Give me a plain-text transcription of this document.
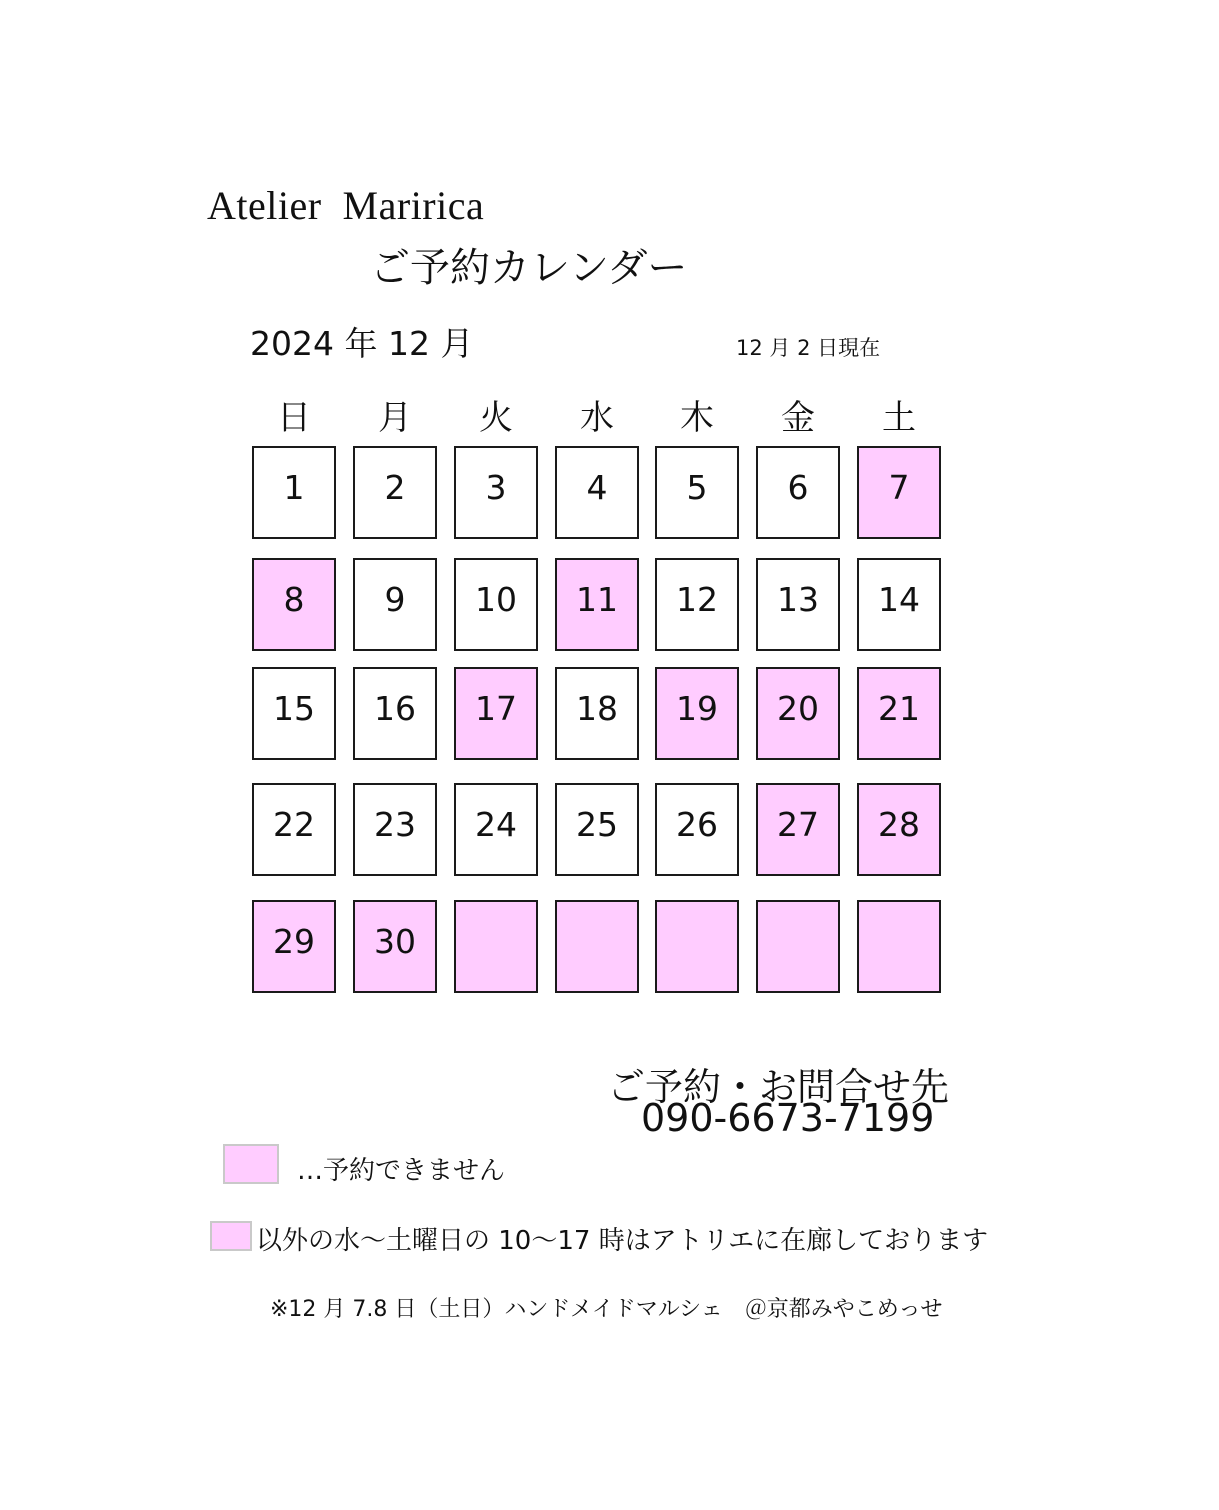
Atelier  Maririca
ご予約カレンダー
2024 年 12 月	12 月 2 日現在
日	月	火	水	木	金	土
1	2	3	4	5	6	7
8	9	10	11	12	13	14
15	16	17	18	19	20	21
22	23	24	25	26	27	28
29	30
ご予約・お問合せ先
090-6673-7199
…予約できません
以外の水〜土曜日の 10〜17 時はアトリエに在廊しております
※12 月 7.8 日（土日）ハンドメイドマルシェ　＠京都みやこめっせ
